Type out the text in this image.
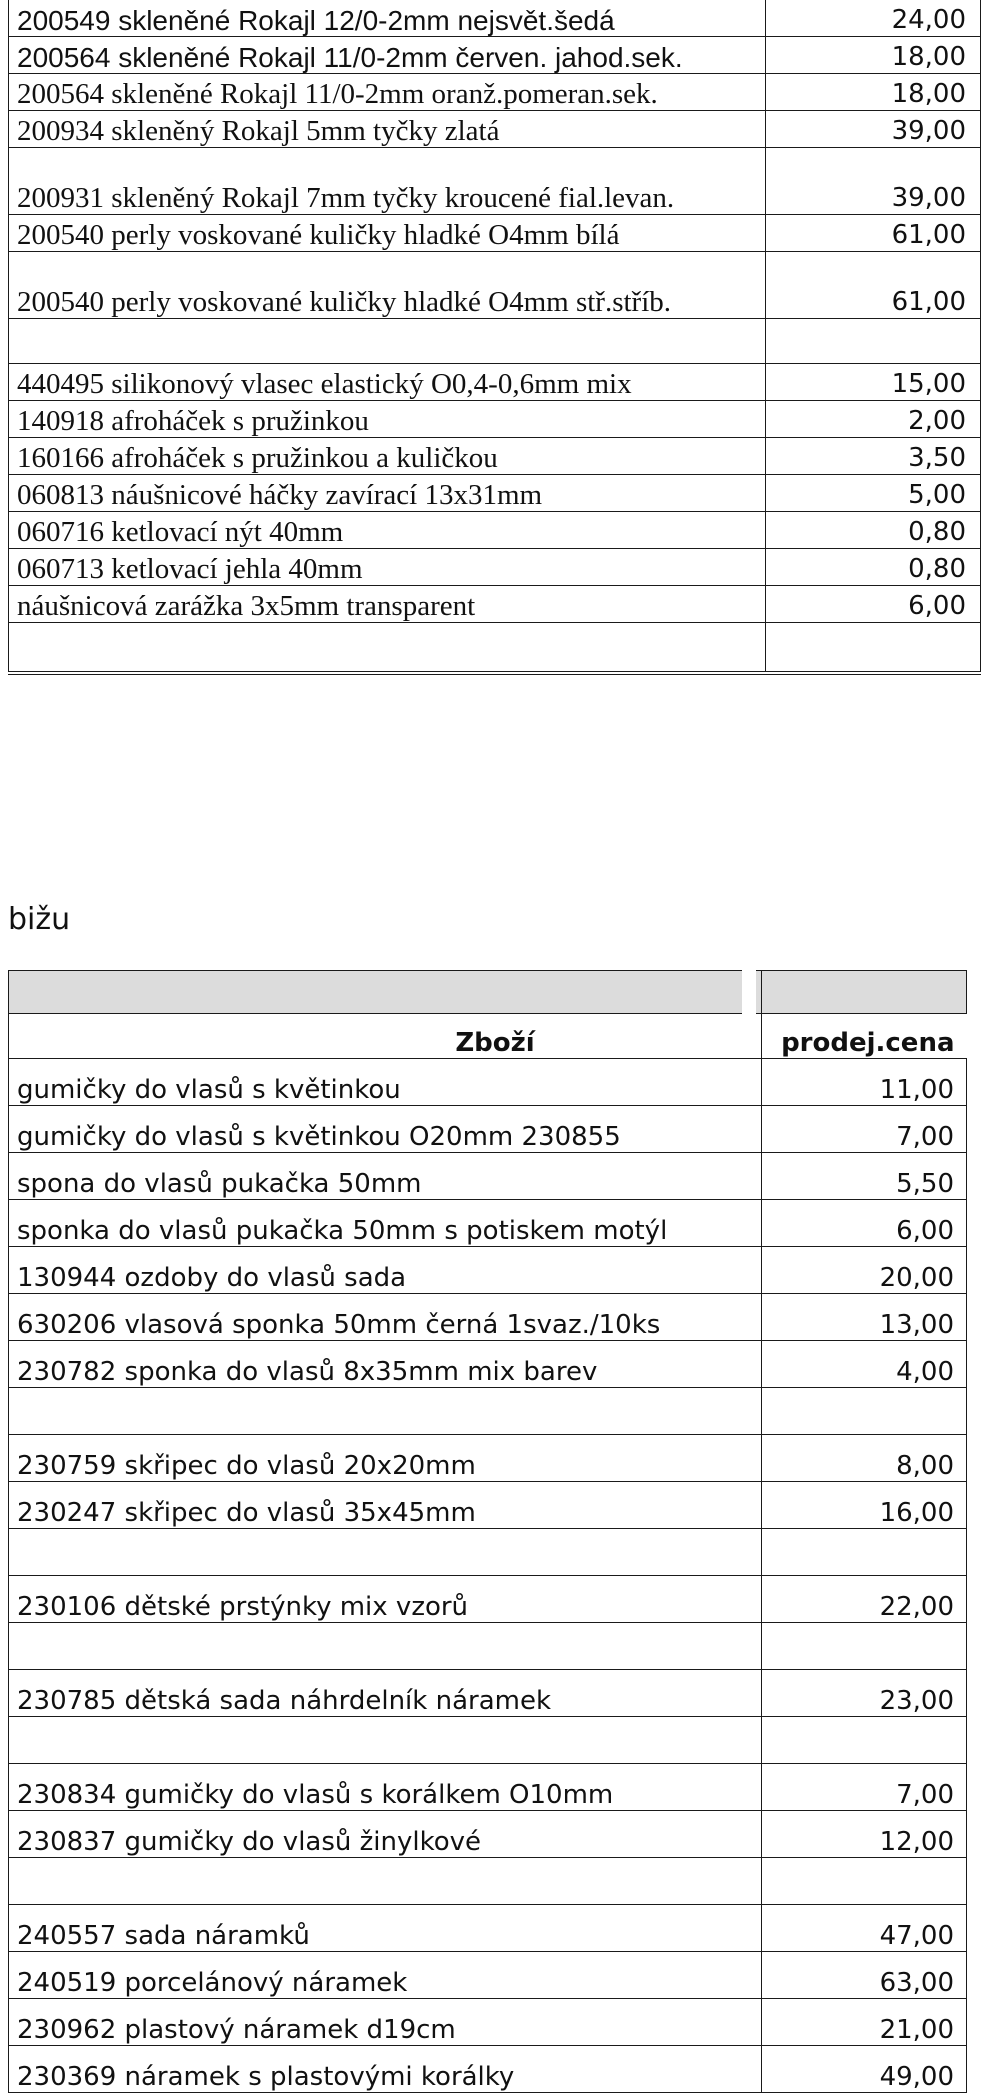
200549 skleněné Rokajl 12/0-2mm nejsvět.šedá	24,00
200564 skleněné Rokajl 11/0-2mm červen. jahod.sek.	18,00
200564 skleněné Rokajl 11/0-2mm oranž.pomeran.sek.	18,00
200934 skleněný Rokajl 5mm tyčky zlatá	39,00
200931 skleněný Rokajl 7mm tyčky kroucené fial.levan.	39,00
200540 perly voskované kuličky hladké O4mm bílá	61,00
200540 perly voskované kuličky hladké O4mm stř.stříb.	61,00

440495 silikonový vlasec elastický O0,4-0,6mm mix	15,00
140918 afroháček s pružinkou	2,00
160166 afroháček s pružinkou a kuličkou	3,50
060813 náušnicové háčky zavírací 13x31mm	5,00
060716 ketlovací nýt 40mm	0,80
060713 ketlovací jehla 40mm	0,80
náušnicová zarážka 3x5mm transparent	6,00

bižu

Zboží	prodej.cena
gumičky do vlasů s květinkou	11,00
gumičky do vlasů s květinkou O20mm 230855	7,00
spona do vlasů pukačka 50mm	5,50
sponka do vlasů pukačka 50mm s potiskem motýl	6,00
130944 ozdoby do vlasů sada	20,00
630206 vlasová sponka 50mm černá 1svaz./10ks	13,00
230782 sponka do vlasů 8x35mm mix barev	4,00

230759 skřipec do vlasů 20x20mm	8,00
230247 skřipec do vlasů 35x45mm	16,00

230106 dětské prstýnky mix vzorů	22,00

230785 dětská sada náhrdelník náramek	23,00

230834 gumičky do vlasů s korálkem O10mm	7,00
230837 gumičky do vlasů žinylkové	12,00

240557 sada náramků	47,00
240519 porcelánový náramek	63,00
230962 plastový náramek d19cm	21,00
230369 náramek s plastovými korálky	49,00
